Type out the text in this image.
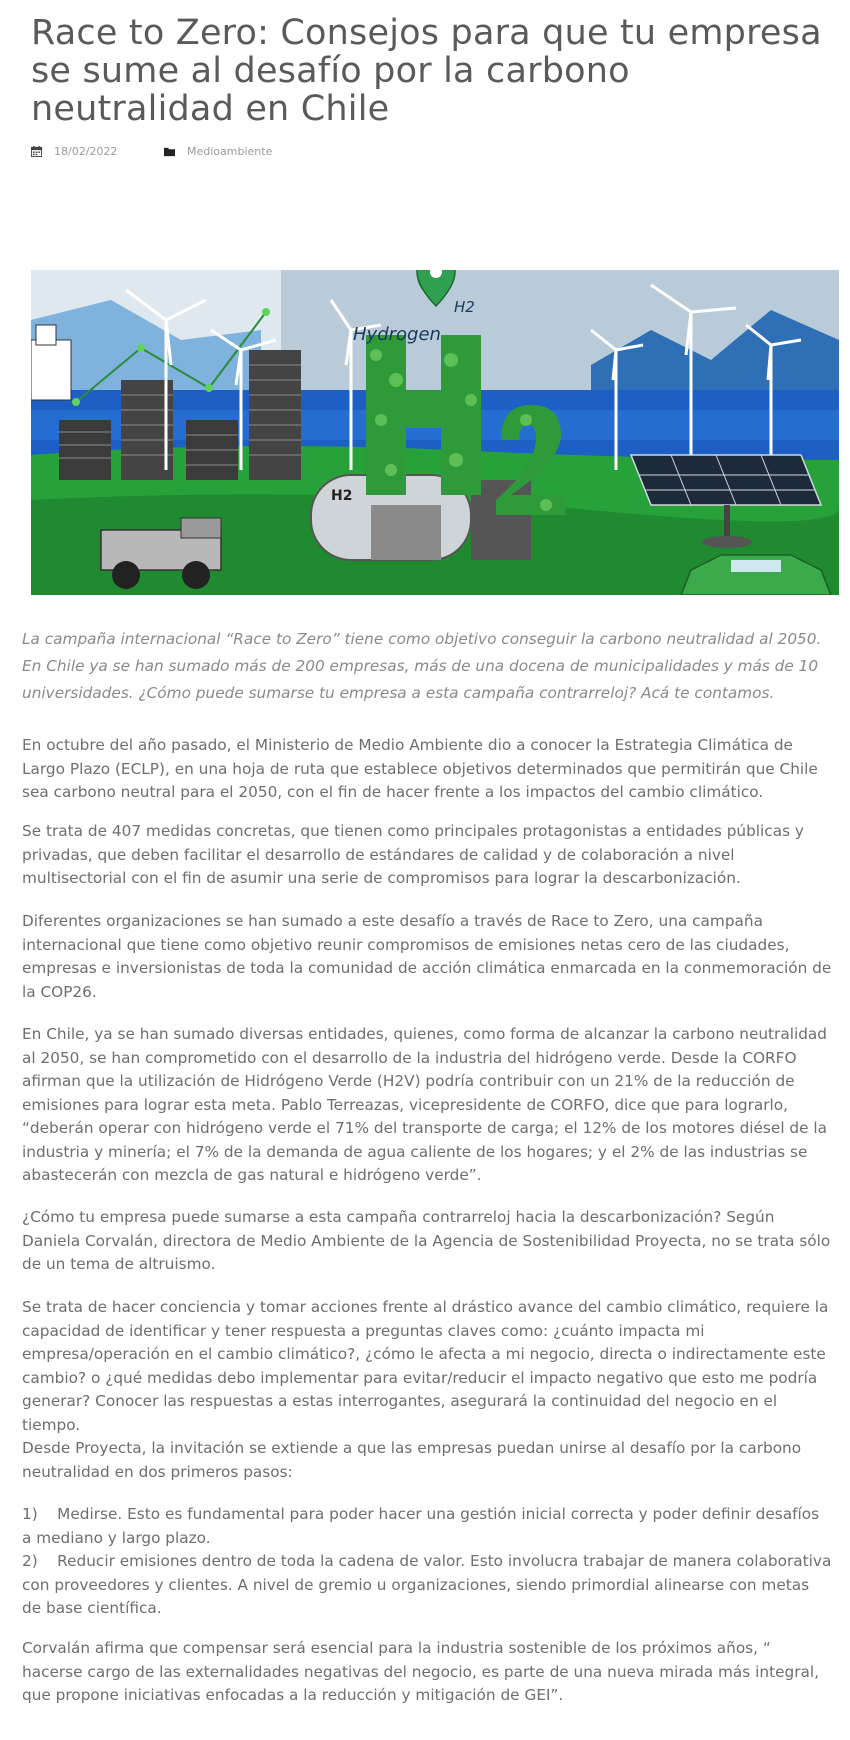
Race to Zero: Consejos para que tu empresa se sume al desafío por la carbono neutralidad en Chile
18/02/2022	Medioambiente
H2
Hydrogen
H2

La campaña internacional “Race to Zero” tiene como objetivo conseguir la carbono neutralidad al 2050. En Chile ya se han sumado más de 200 empresas, más de una docena de municipalidades y más de 10 universidades. ¿Cómo puede sumarse tu empresa a esta campaña contrarreloj? Acá te contamos.

En octubre del año pasado, el Ministerio de Medio Ambiente dio a conocer la Estrategia Climática de Largo Plazo (ECLP), en una hoja de ruta que establece objetivos determinados que permitirán que Chile sea carbono neutral para el 2050, con el fin de hacer frente a los impactos del cambio climático.

Se trata de 407 medidas concretas, que tienen como principales protagonistas a entidades públicas y privadas, que deben facilitar el desarrollo de estándares de calidad y de colaboración a nivel multisectorial con el fin de asumir una serie de compromisos para lograr la descarbonización.

Diferentes organizaciones se han sumado a este desafío a través de Race to Zero, una campaña internacional que tiene como objetivo reunir compromisos de emisiones netas cero de las ciudades, empresas e inversionistas de toda la comunidad de acción climática enmarcada en la conmemoración de la COP26.

En Chile, ya se han sumado diversas entidades, quienes, como forma de alcanzar la carbono neutralidad al 2050, se han comprometido con el desarrollo de la industria del hidrógeno verde. Desde la CORFO afirman que la utilización de Hidrógeno Verde (H2V) podría contribuir con un 21% de la reducción de emisiones para lograr esta meta. Pablo Terreazas, vicepresidente de CORFO, dice que para lograrlo, “deberán operar con hidrógeno verde el 71% del transporte de carga; el 12% de los motores diésel de la industria y minería; el 7% de la demanda de agua caliente de los hogares; y el 2% de las industrias se abastecerán con mezcla de gas natural e hidrógeno verde”.

¿Cómo tu empresa puede sumarse a esta campaña contrarreloj hacia la descarbonización? Según Daniela Corvalán, directora de Medio Ambiente de la Agencia de Sostenibilidad Proyecta, no se trata sólo de un tema de altruismo.

Se trata de hacer conciencia y tomar acciones frente al drástico avance del cambio climático, requiere la capacidad de identificar y tener respuesta a preguntas claves como: ¿cuánto impacta mi empresa/operación en el cambio climático?, ¿cómo le afecta a mi negocio, directa o indirectamente este cambio? o ¿qué medidas debo implementar para evitar/reducir el impacto negativo que esto me podría generar? Conocer las respuestas a estas interrogantes, asegurará la continuidad del negocio en el tiempo.

Desde Proyecta, la invitación se extiende a que las empresas puedan unirse al desafío por la carbono neutralidad en dos primeros pasos:

1)    Medirse. Esto es fundamental para poder hacer una gestión inicial correcta y poder definir desafíos a mediano y largo plazo.
2)    Reducir emisiones dentro de toda la cadena de valor. Esto involucra trabajar de manera colaborativa con proveedores y clientes. A nivel de gremio u organizaciones, siendo primordial alinearse con metas de base científica.

Corvalán afirma que compensar será esencial para la industria sostenible de los próximos años, “ hacerse cargo de las externalidades negativas del negocio, es parte de una nueva mirada más integral, que propone iniciativas enfocadas a la reducción y mitigación de GEI”.
